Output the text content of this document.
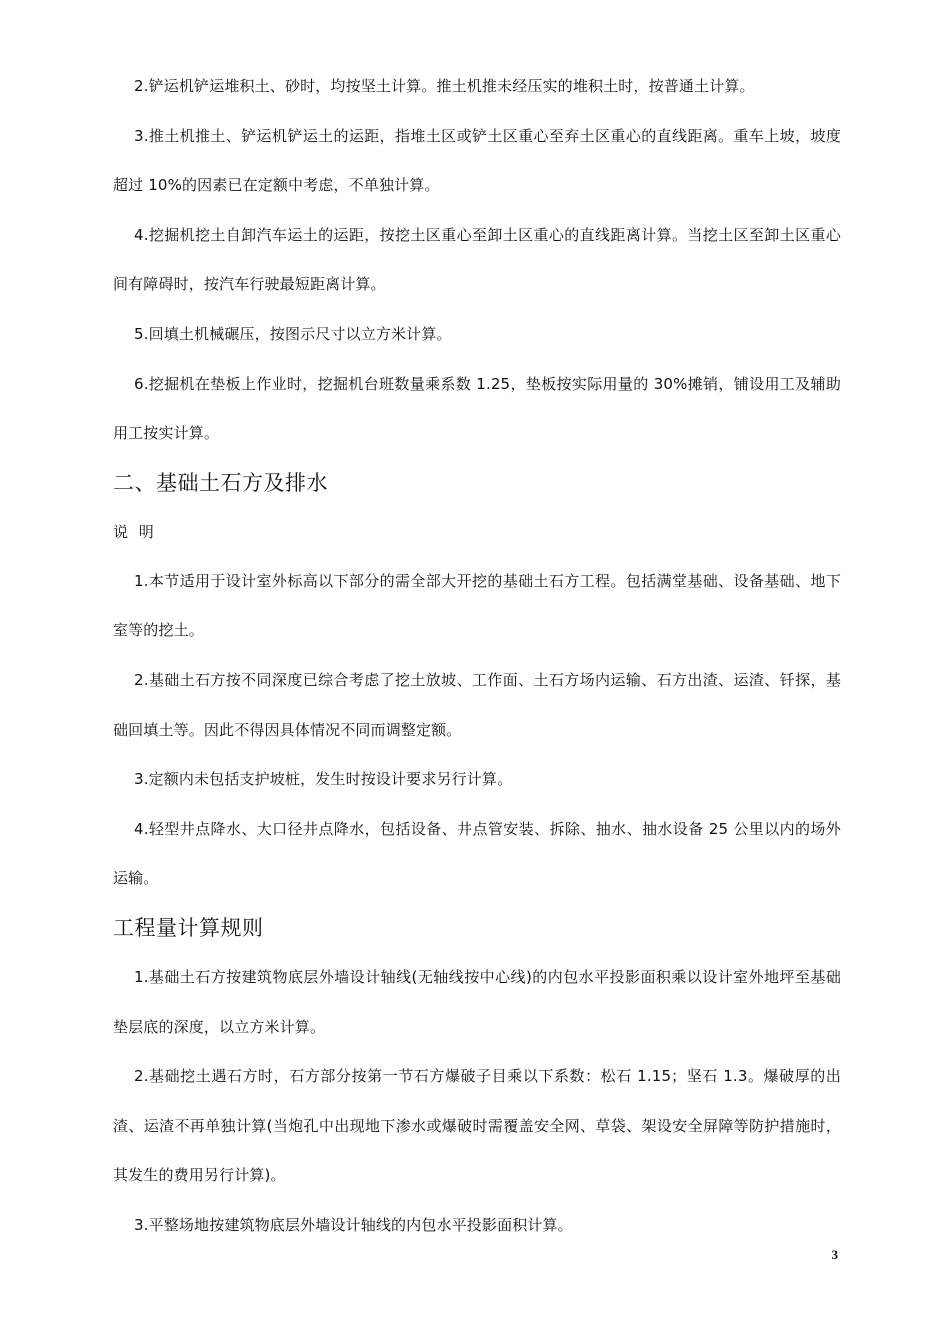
2.铲运机铲运堆积土、砂时，均按坚土计算。推土机推未经压实的堆积土时，按普通土计算。

3.推土机推土、铲运机铲运土的运距，指堆土区或铲土区重心至弃土区重心的直线距离。重车上坡，坡度超过 10%的因素已在定额中考虑，不单独计算。

4.挖掘机挖土自卸汽车运土的运距，按挖土区重心至卸土区重心的直线距离计算。当挖土区至卸土区重心间有障碍时，按汽车行驶最短距离计算。

5.回填土机械碾压，按图示尺寸以立方米计算。

6.挖掘机在垫板上作业时，挖掘机台班数量乘系数 1.25，垫板按实际用量的 30%摊销，铺设用工及辅助用工按实计算。

二、基础土石方及排水

说 明

1.本节适用于设计室外标高以下部分的需全部大开挖的基础土石方工程。包括满堂基础、设备基础、地下室等的挖土。

2.基础土石方按不同深度已综合考虑了挖土放坡、工作面、土石方场内运输、石方出渣、运渣、钎探，基础回填土等。因此不得因具体情况不同而调整定额。

3.定额内未包括支护坡桩，发生时按设计要求另行计算。

4.轻型井点降水、大口径井点降水，包括设备、井点管安装、拆除、抽水、抽水设备 25 公里以内的场外运输。

工程量计算规则

1.基础土石方按建筑物底层外墙设计轴线(无轴线按中心线)的内包水平投影面积乘以设计室外地坪至基础垫层底的深度，以立方米计算。

2.基础挖土遇石方时，石方部分按第一节石方爆破子目乘以下系数：松石 1.15；坚石 1.3。爆破厚的出渣、运渣不再单独计算(当炮孔中出现地下渗水或爆破时需覆盖安全网、草袋、架设安全屏障等防护措施时，其发生的费用另行计算)。

3.平整场地按建筑物底层外墙设计轴线的内包水平投影面积计算。

3
